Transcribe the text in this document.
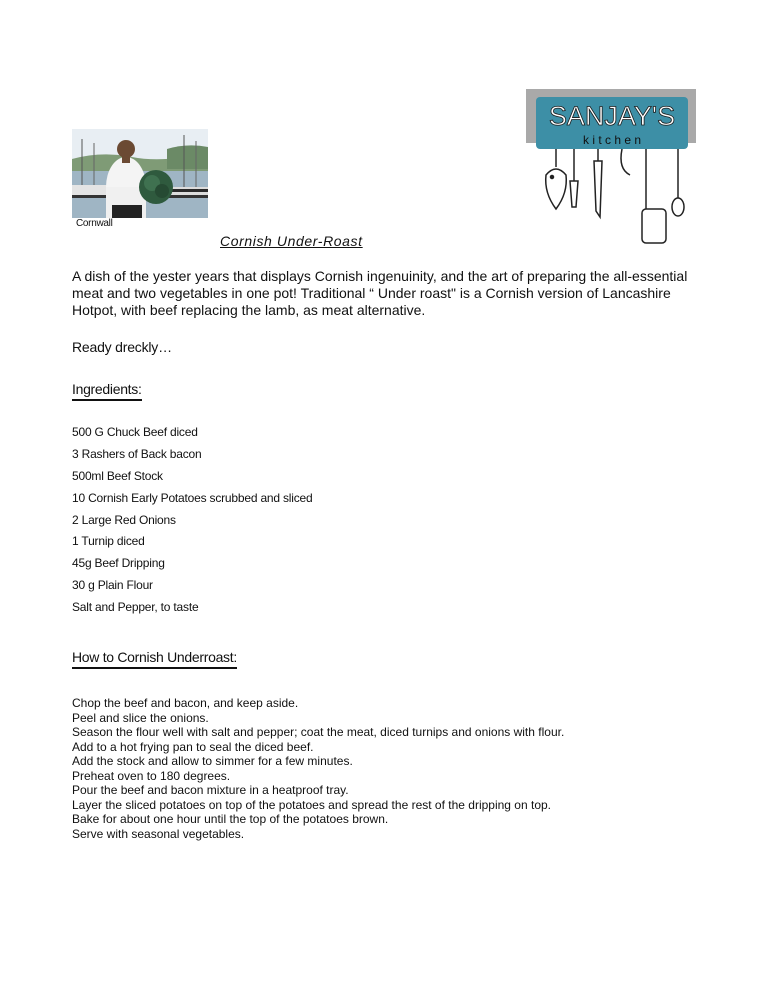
Cornwall
SANJAY'S
k i t c h e n
Cornish Under-Roast
A dish of the yester years that displays Cornish ingenuinity, and the art of preparing the all-essential meat and two vegetables in one pot! Traditional “ Under roast" is a Cornish version of Lancashire Hotpot, with beef replacing the lamb, as meat alternative.
Ready dreckly…
Ingredients:
500 G Chuck Beef diced
3 Rashers of Back bacon
500ml Beef Stock
10 Cornish Early Potatoes scrubbed and sliced
2 Large Red Onions
1 Turnip diced
45g Beef Dripping
30 g Plain Flour
Salt and Pepper, to taste
How to Cornish Underroast:
Chop the beef and bacon, and keep aside.
Peel and slice the onions.
Season the flour well with salt and pepper; coat the meat, diced turnips and onions with flour.
Add to a hot frying pan to seal the diced beef.
Add the stock and allow to simmer for a few minutes.
Preheat oven to 180 degrees.
Pour the beef and bacon mixture in a heatproof tray.
Layer the sliced potatoes on top of the potatoes and spread the rest of the dripping on top.
Bake for about one hour until the top of the potatoes brown.
Serve with seasonal vegetables.
